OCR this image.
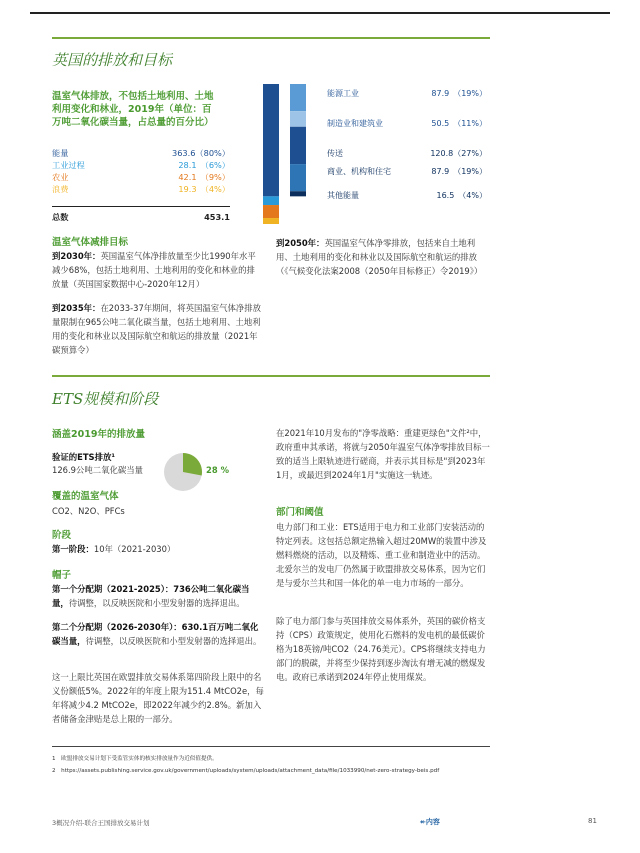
英国的排放和目标
温室气体排放，不包括土地利用、土地利用变化和林业，2019年（单位：百万吨二氧化碳当量，占总量的百分比）
能量	363.6（80%）
工业过程	28.1　（6%）
农业	42.1　（9%）
浪费	19.3　（4%）
总数	453.1
能源工业	87.9　（19%）
制造业和建筑业	50.5　（11%）
传送	120.8（27%）
商业、机构和住宅	87.9　（19%）
其他能量	16.5　（4%）
温室气体减排目标
到2030年：英国温室气体净排放量至少比1990年水平减少68%，包括土地利用、土地利用的变化和林业的排放量（英国国家数据中心-2020年12月）
到2035年：在2033-37年期间，将英国温室气体净排放量限制在965公吨二氧化碳当量，包括土地利用、土地利用的变化和林业以及国际航空和航运的排放量（2021年碳预算令）
到2050年：英国温室气体净零排放，包括来自土地利用、土地利用的变化和林业以及国际航空和航运的排放（《气候变化法案2008（2050年目标修正）令2019》）
ETS规模和阶段
涵盖2019年的排放量
验证的ETS排放¹
126.9公吨二氧化碳当量	28 %
覆盖的温室气体
CO2、N2O、PFCs
阶段
第一阶段：10年（2021-2030）
帽子
第一个分配期（2021-2025）：736公吨二氧化碳当量，待调整，以反映医院和小型发射器的选择退出。
第二个分配期（2026-2030年）：630.1百万吨二氧化碳当量，待调整，以反映医院和小型发射器的选择退出。
这一上限比英国在欧盟排放交易体系第四阶段上限中的名义份额低5%。2022年的年度上限为151.4 MtCO2e，每年将减少4.2 MtCO2e，即2022年减少约2.8%。新加入者储备金津贴是总上限的一部分。
在2021年10月发布的"净零战略：重建更绿色"文件²中，政府重申其承诺，将就与2050年温室气体净零排放目标一致的适当上限轨迹进行磋商，并表示其目标是"到2023年1月，或最迟到2024年1月"实施这一轨迹。
部门和阈值
电力部门和工业：ETS适用于电力和工业部门安装活动的特定列表。这包括总额定热输入超过20MW的装置中涉及燃料燃烧的活动，以及精炼、重工业和制造业中的活动。北爱尔兰的发电厂仍然属于欧盟排放交易体系，因为它们是与爱尔兰共和国一体化的单一电力市场的一部分。
除了电力部门参与英国排放交易体系外，英国的碳价格支持（CPS）政策规定，使用化石燃料的发电机的最低碳价格为18英镑/吨CO2（24.76美元）。CPS将继续支持电力部门的脱碳，并将至少保持到逐步淘汰有增无减的燃煤发电。政府已承诺到2024年停止使用煤炭。
1　欧盟排放交易计划下受监管实体的核实排放量作为近似值提供。
2　https://assets.publishing.service.gov.uk/government/uploads/system/uploads/attachment_data/file/1033990/net-zero-strategy-beis.pdf
3概况介绍-联合王国排放交易计划	↞内容	81
